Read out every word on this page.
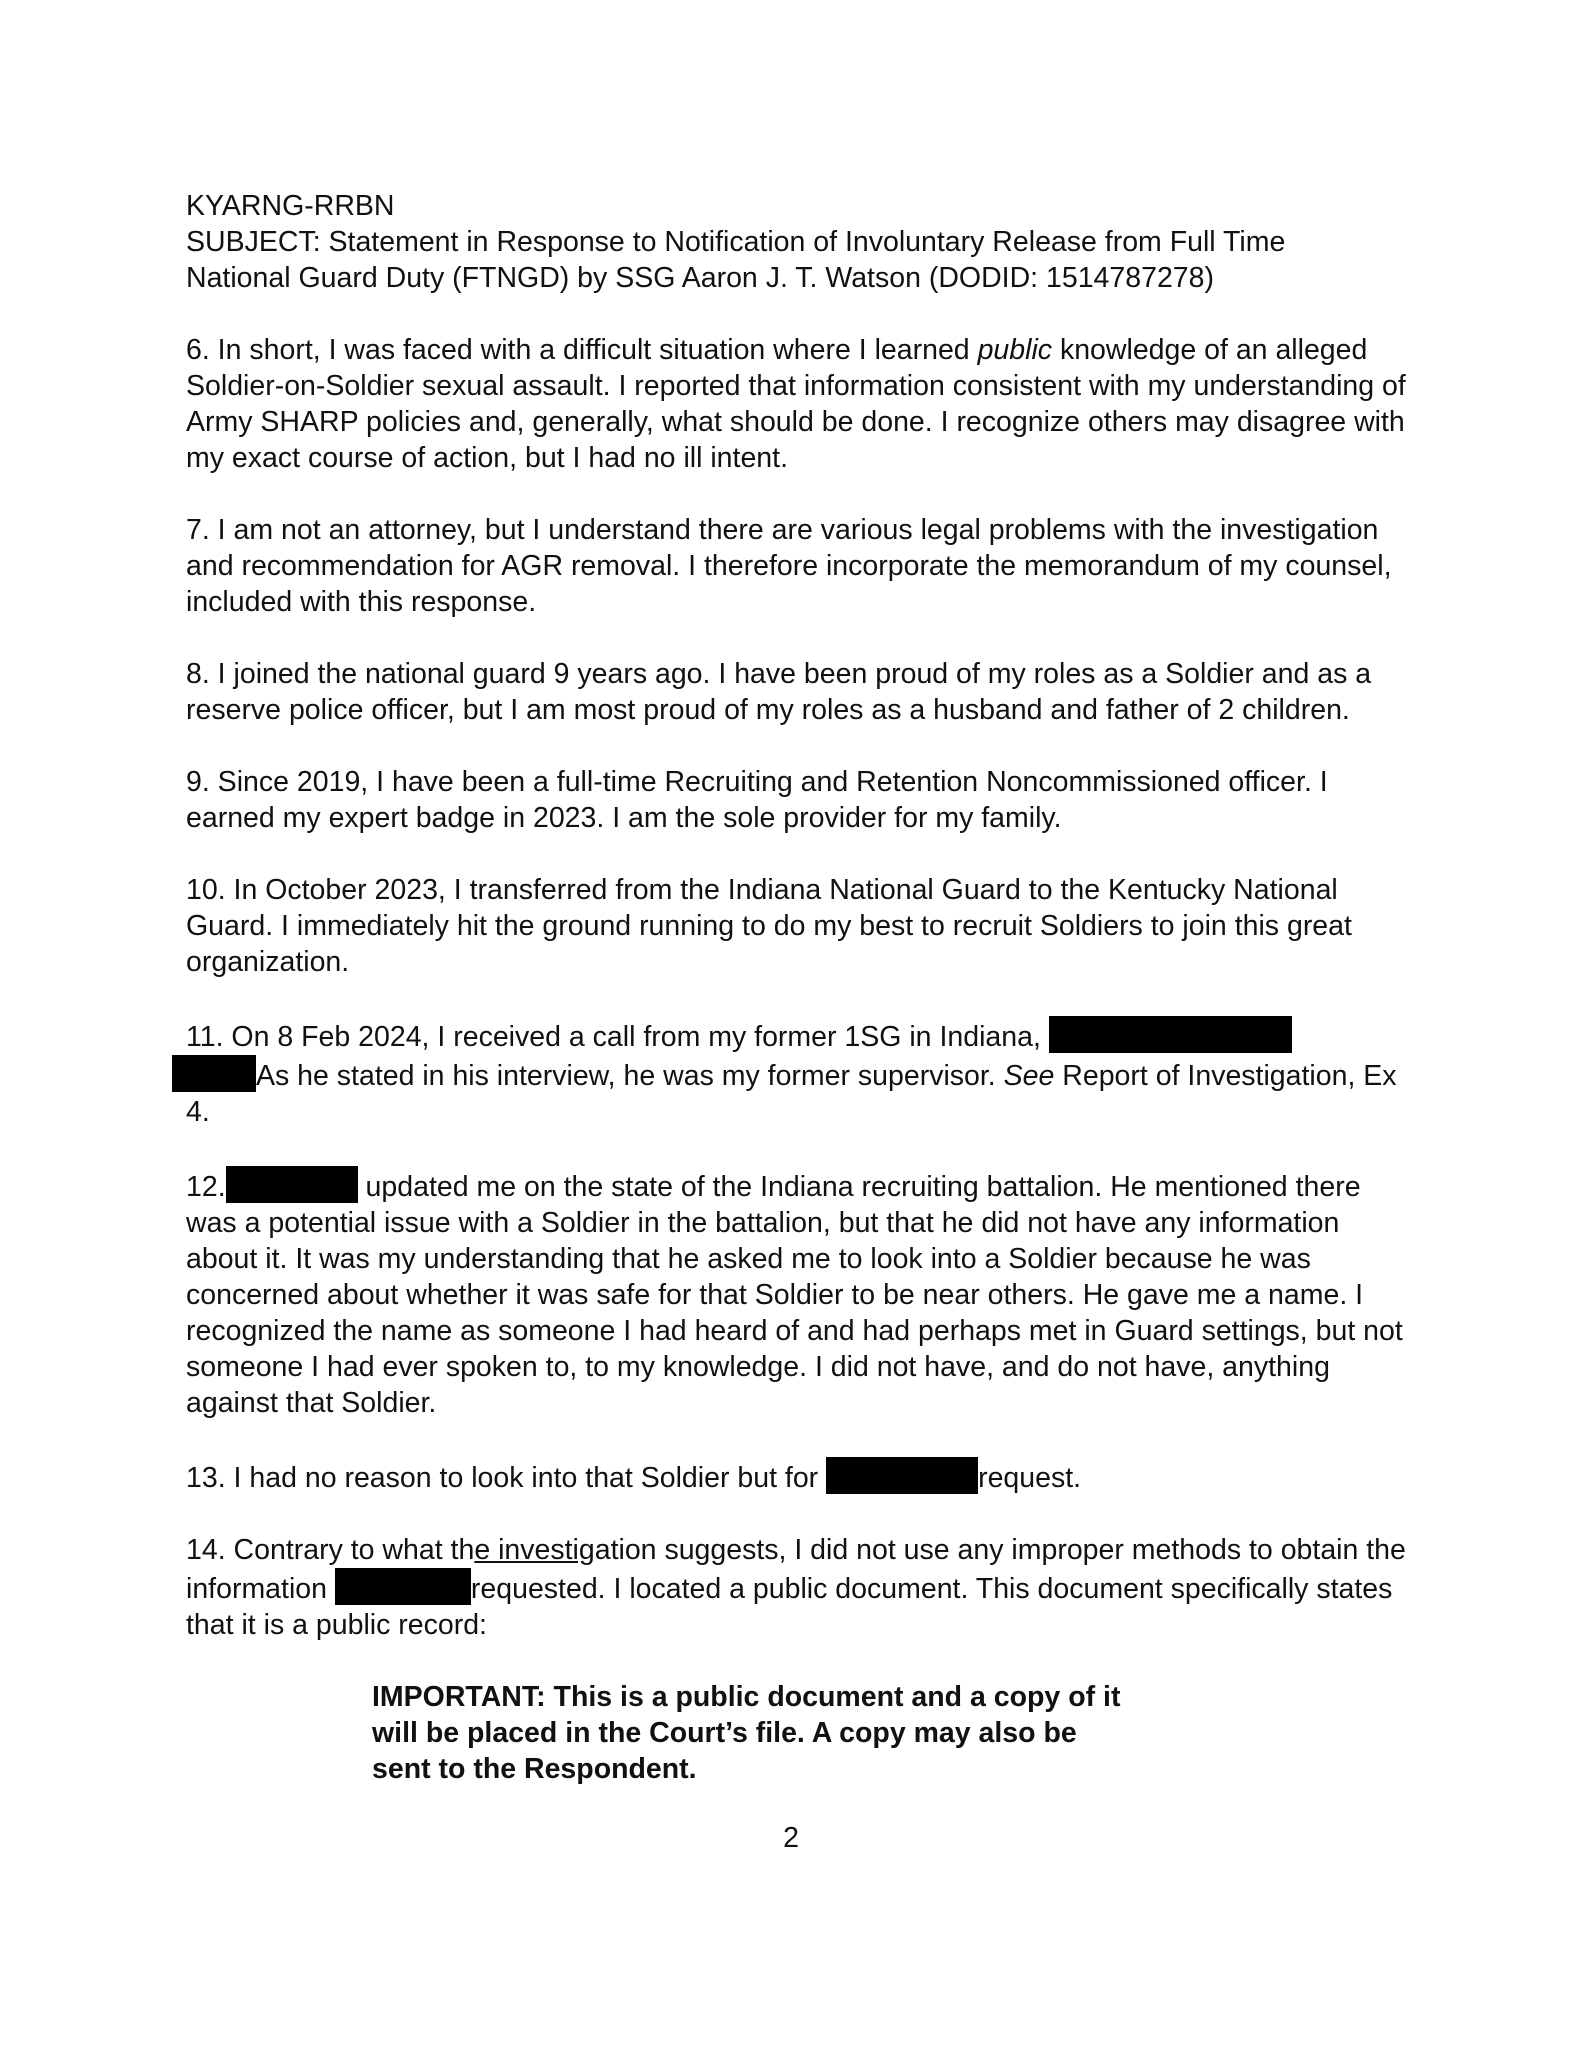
KYARNG-RRBN

SUBJECT: Statement in Response to Notification of Involuntary Release from Full Time

National Guard Duty (FTNGD) by SSG Aaron J. T. Watson (DODID: 1514787278)

6. In short, I was faced with a difficult situation where I learned public knowledge of an alleged Soldier-on-Soldier sexual assault. I reported that information consistent with my understanding of Army SHARP policies and, generally, what should be done. I recognize others may disagree with my exact course of action, but I had no ill intent.

7. I am not an attorney, but I understand there are various legal problems with the investigation and recommendation for AGR removal. I therefore incorporate the memorandum of my counsel, included with this response.

8. I joined the national guard 9 years ago. I have been proud of my roles as a Soldier and as a reserve police officer, but I am most proud of my roles as a husband and father of 2 children.

9. Since 2019, I have been a full-time Recruiting and Retention Noncommissioned officer. I earned my expert badge in 2023. I am the sole provider for my family.

10. In October 2023, I transferred from the Indiana National Guard to the Kentucky National Guard. I immediately hit the ground running to do my best to recruit Soldiers to join this great organization.

11. On 8 Feb 2024, I received a call from my former 1SG in Indiana,
As he stated in his interview, he was my former supervisor. See Report of Investigation, Ex 4.

12.	updated me on the state of the Indiana recruiting battalion. He mentioned there was a potential issue with a Soldier in the battalion, but that he did not have any information about it. It was my understanding that he asked me to look into a Soldier because he was concerned about whether it was safe for that Soldier to be near others. He gave me a name. I recognized the name as someone I had heard of and had perhaps met in Guard settings, but not someone I had ever spoken to, to my knowledge. I did not have, and do not have, anything against that Soldier.

13. I had no reason to look into that Soldier but for	request.

14. Contrary to what the investigation suggests, I did not use any improper methods to obtain the information	requested. I located a public document. This document specifically states that it is a public record:

IMPORTANT: This is a public document and a copy of it
will be placed in the Court’s file. A copy may also be
sent to the Respondent.
2
